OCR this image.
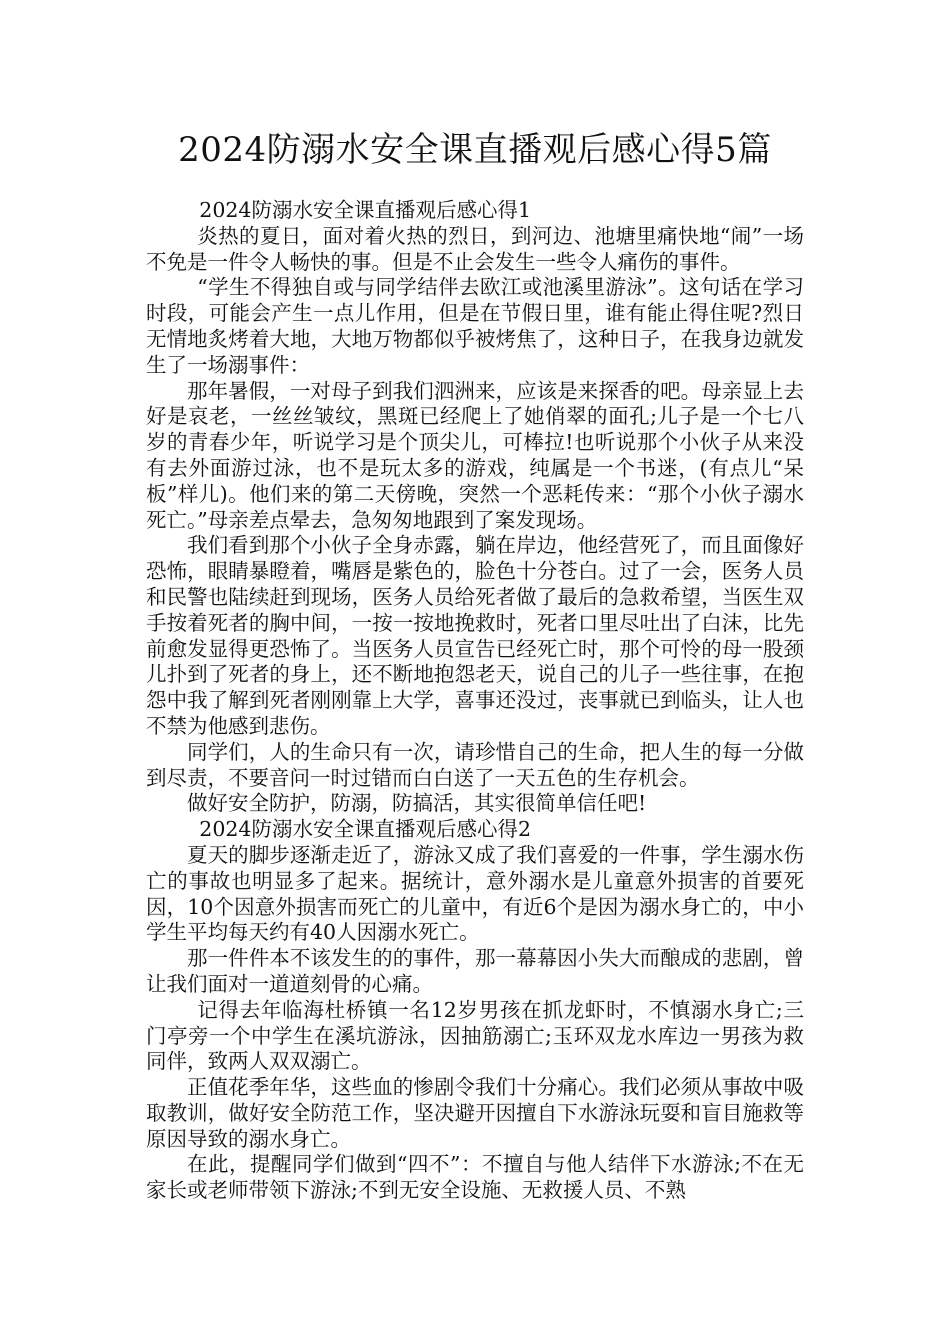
2024防溺水安全课直播观后感心得5篇

2024防溺水安全课直播观后感心得1

炎热的夏日，面对着火热的烈日，到河边、池塘里痛快地“闹”一场不免是一件令人畅快的事。但是不止会发生一些令人痛伤的事件。

“学生不得独自或与同学结伴去欧江或池溪里游泳”。这句话在学习时段，可能会产生一点儿作用，但是在节假日里，谁有能止得住呢?烈日无情地炙烤着大地，大地万物都似乎被烤焦了，这种日子，在我身边就发生了一场溺事件：

那年暑假，一对母子到我们泗洲来，应该是来探香的吧。母亲显上去好是哀老，一丝丝皱纹，黑斑已经爬上了她俏翠的面孔;儿子是一个七八岁的青春少年，听说学习是个顶尖儿，可棒拉!也听说那个小伙子从来没有去外面游过泳，也不是玩太多的游戏，纯属是一个书迷，(有点儿“呆板”样儿)。他们来的第二天傍晚，突然一个恶耗传来：“那个小伙子溺水死亡。”母亲差点晕去，急匆匆地跟到了案发现场。

我们看到那个小伙子全身赤露，躺在岸边，他经营死了，而且面像好恐怖，眼睛暴瞪着，嘴唇是紫色的，脸色十分苍白。过了一会，医务人员和民警也陆续赶到现场，医务人员给死者做了最后的急救希望，当医生双手按着死者的胸中间，一按一按地挽救时，死者口里尽吐出了白沫，比先前愈发显得更恐怖了。当医务人员宣告已经死亡时，那个可怜的母一股颈儿扑到了死者的身上，还不断地抱怨老天，说自己的儿子一些往事，在抱怨中我了解到死者刚刚靠上大学，喜事还没过，丧事就已到临头，让人也不禁为他感到悲伤。

同学们，人的生命只有一次，请珍惜自己的生命，把人生的每一分做到尽责，不要音问一时过错而白白送了一天五色的生存机会。

做好安全防护，防溺，防搞活，其实很简单信任吧!

2024防溺水安全课直播观后感心得2

夏天的脚步逐渐走近了，游泳又成了我们喜爱的一件事，学生溺水伤亡的事故也明显多了起来。据统计，意外溺水是儿童意外损害的首要死因，10个因意外损害而死亡的儿童中，有近6个是因为溺水身亡的，中小学生平均每天约有40人因溺水死亡。

那一件件本不该发生的的事件，那一幕幕因小失大而酿成的悲剧，曾让我们面对一道道刻骨的心痛。

记得去年临海杜桥镇一名12岁男孩在抓龙虾时，不慎溺水身亡;三门亭旁一个中学生在溪坑游泳，因抽筋溺亡;玉环双龙水库边一男孩为救同伴，致两人双双溺亡。

正值花季年华，这些血的惨剧令我们十分痛心。我们必须从事故中吸取教训，做好安全防范工作，坚决避开因擅自下水游泳玩耍和盲目施救等原因导致的溺水身亡。

在此，提醒同学们做到“四不”：不擅自与他人结伴下水游泳;不在无家长或老师带领下游泳;不到无安全设施、无救援人员、不熟
